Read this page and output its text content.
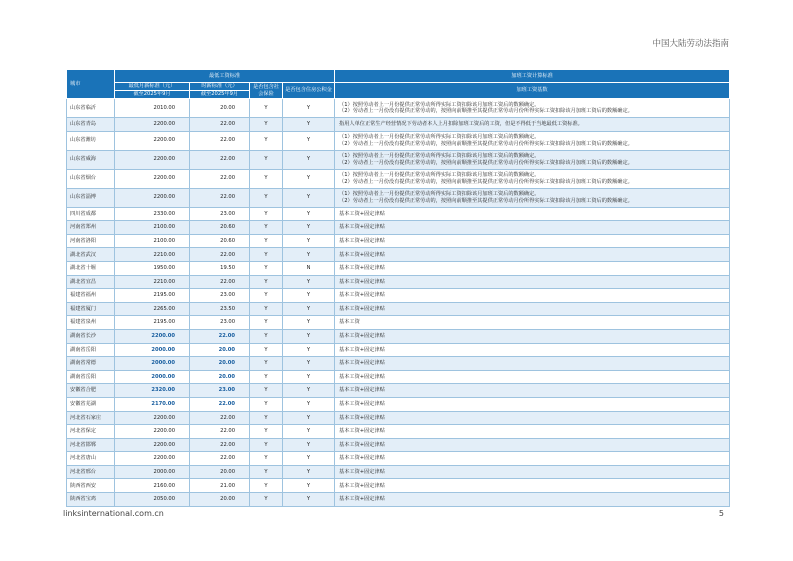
中国大陆劳动法指南
城市	最低工资标准				加班工资计算标准
	最低月薪标准（元）	时薪标准（元）	是否包含社会保险	是否包含住房公积金	加班工资基数
	截至2025年9月	截至2025年9月			
山东省临沂	2010.00	20.00	Y	Y	（1）按照劳动者上一月份提供正常劳动所得实际工资扣除该月加班工资后的数额确定。
（2）劳动者上一月份没有提供正常劳动的，按照向前顺推至其提供正常劳动月份所得实际工资扣除该月加班工资后的数额确定。
山东省青岛	2200.00	22.00	Y	Y	指用人单位正常生产经营情况下劳动者本人上月扣除加班工资后的工资，但是不得低于当地最低工资标准。
山东省潍坊	2200.00	22.00	Y	Y	（1）按照劳动者上一月份提供正常劳动所得实际工资扣除该月加班工资后的数额确定。
（2）劳动者上一月份没有提供正常劳动的，按照向前顺推至其提供正常劳动月份所得实际工资扣除该月加班工资后的数额确定。
山东省威海	2200.00	22.00	Y	Y	（1）按照劳动者上一月份提供正常劳动所得实际工资扣除该月加班工资后的数额确定。
（2）劳动者上一月份没有提供正常劳动的，按照向前顺推至其提供正常劳动月份所得实际工资扣除该月加班工资后的数额确定。
山东省烟台	2200.00	22.00	Y	Y	（1）按照劳动者上一月份提供正常劳动所得实际工资扣除该月加班工资后的数额确定。
（2）劳动者上一月份没有提供正常劳动的，按照向前顺推至其提供正常劳动月份所得实际工资扣除该月加班工资后的数额确定。
山东省淄博	2200.00	22.00	Y	Y	（1）按照劳动者上一月份提供正常劳动所得实际工资扣除该月加班工资后的数额确定。
（2）劳动者上一月份没有提供正常劳动的，按照向前顺推至其提供正常劳动月份所得实际工资扣除该月加班工资后的数额确定。
四川省成都	2330.00	23.00	Y	Y	基本工资+固定津贴
河南省郑州	2100.00	20.60	Y	Y	基本工资+固定津贴
河南省洛阳	2100.00	20.60	Y	Y	基本工资+固定津贴
湖北省武汉	2210.00	22.00	Y	Y	基本工资+固定津贴
湖北省十堰	1950.00	19.50	Y	N	基本工资+固定津贴
湖北省宜昌	2210.00	22.00	Y	Y	基本工资+固定津贴
福建省福州	2195.00	23.00	Y	Y	基本工资+固定津贴
福建省厦门	2265.00	23.50	Y	Y	基本工资+固定津贴
福建省泉州	2195.00	23.00	Y	Y	基本工资
湖南省长沙	2200.00	22.00	Y	Y	基本工资+固定津贴
湖南省岳阳	2000.00	20.00	Y	Y	基本工资+固定津贴
湖南省常德	2000.00	20.00	Y	Y	基本工资+固定津贴
湖南省岳阳	2000.00	20.00	Y	Y	基本工资+固定津贴
安徽省合肥	2320.00	23.00	Y	Y	基本工资+固定津贴
安徽省芜湖	2170.00	22.00	Y	Y	基本工资+固定津贴
河北省石家庄	2200.00	22.00	Y	Y	基本工资+固定津贴
河北省保定	2200.00	22.00	Y	Y	基本工资+固定津贴
河北省邯郸	2200.00	22.00	Y	Y	基本工资+固定津贴
河北省唐山	2200.00	22.00	Y	Y	基本工资+固定津贴
河北省邢台	2000.00	20.00	Y	Y	基本工资+固定津贴
陕西省西安	2160.00	21.00	Y	Y	基本工资+固定津贴
陕西省宝鸡	2050.00	20.00	Y	Y	基本工资+固定津贴
linksinternational.com.cn	5
